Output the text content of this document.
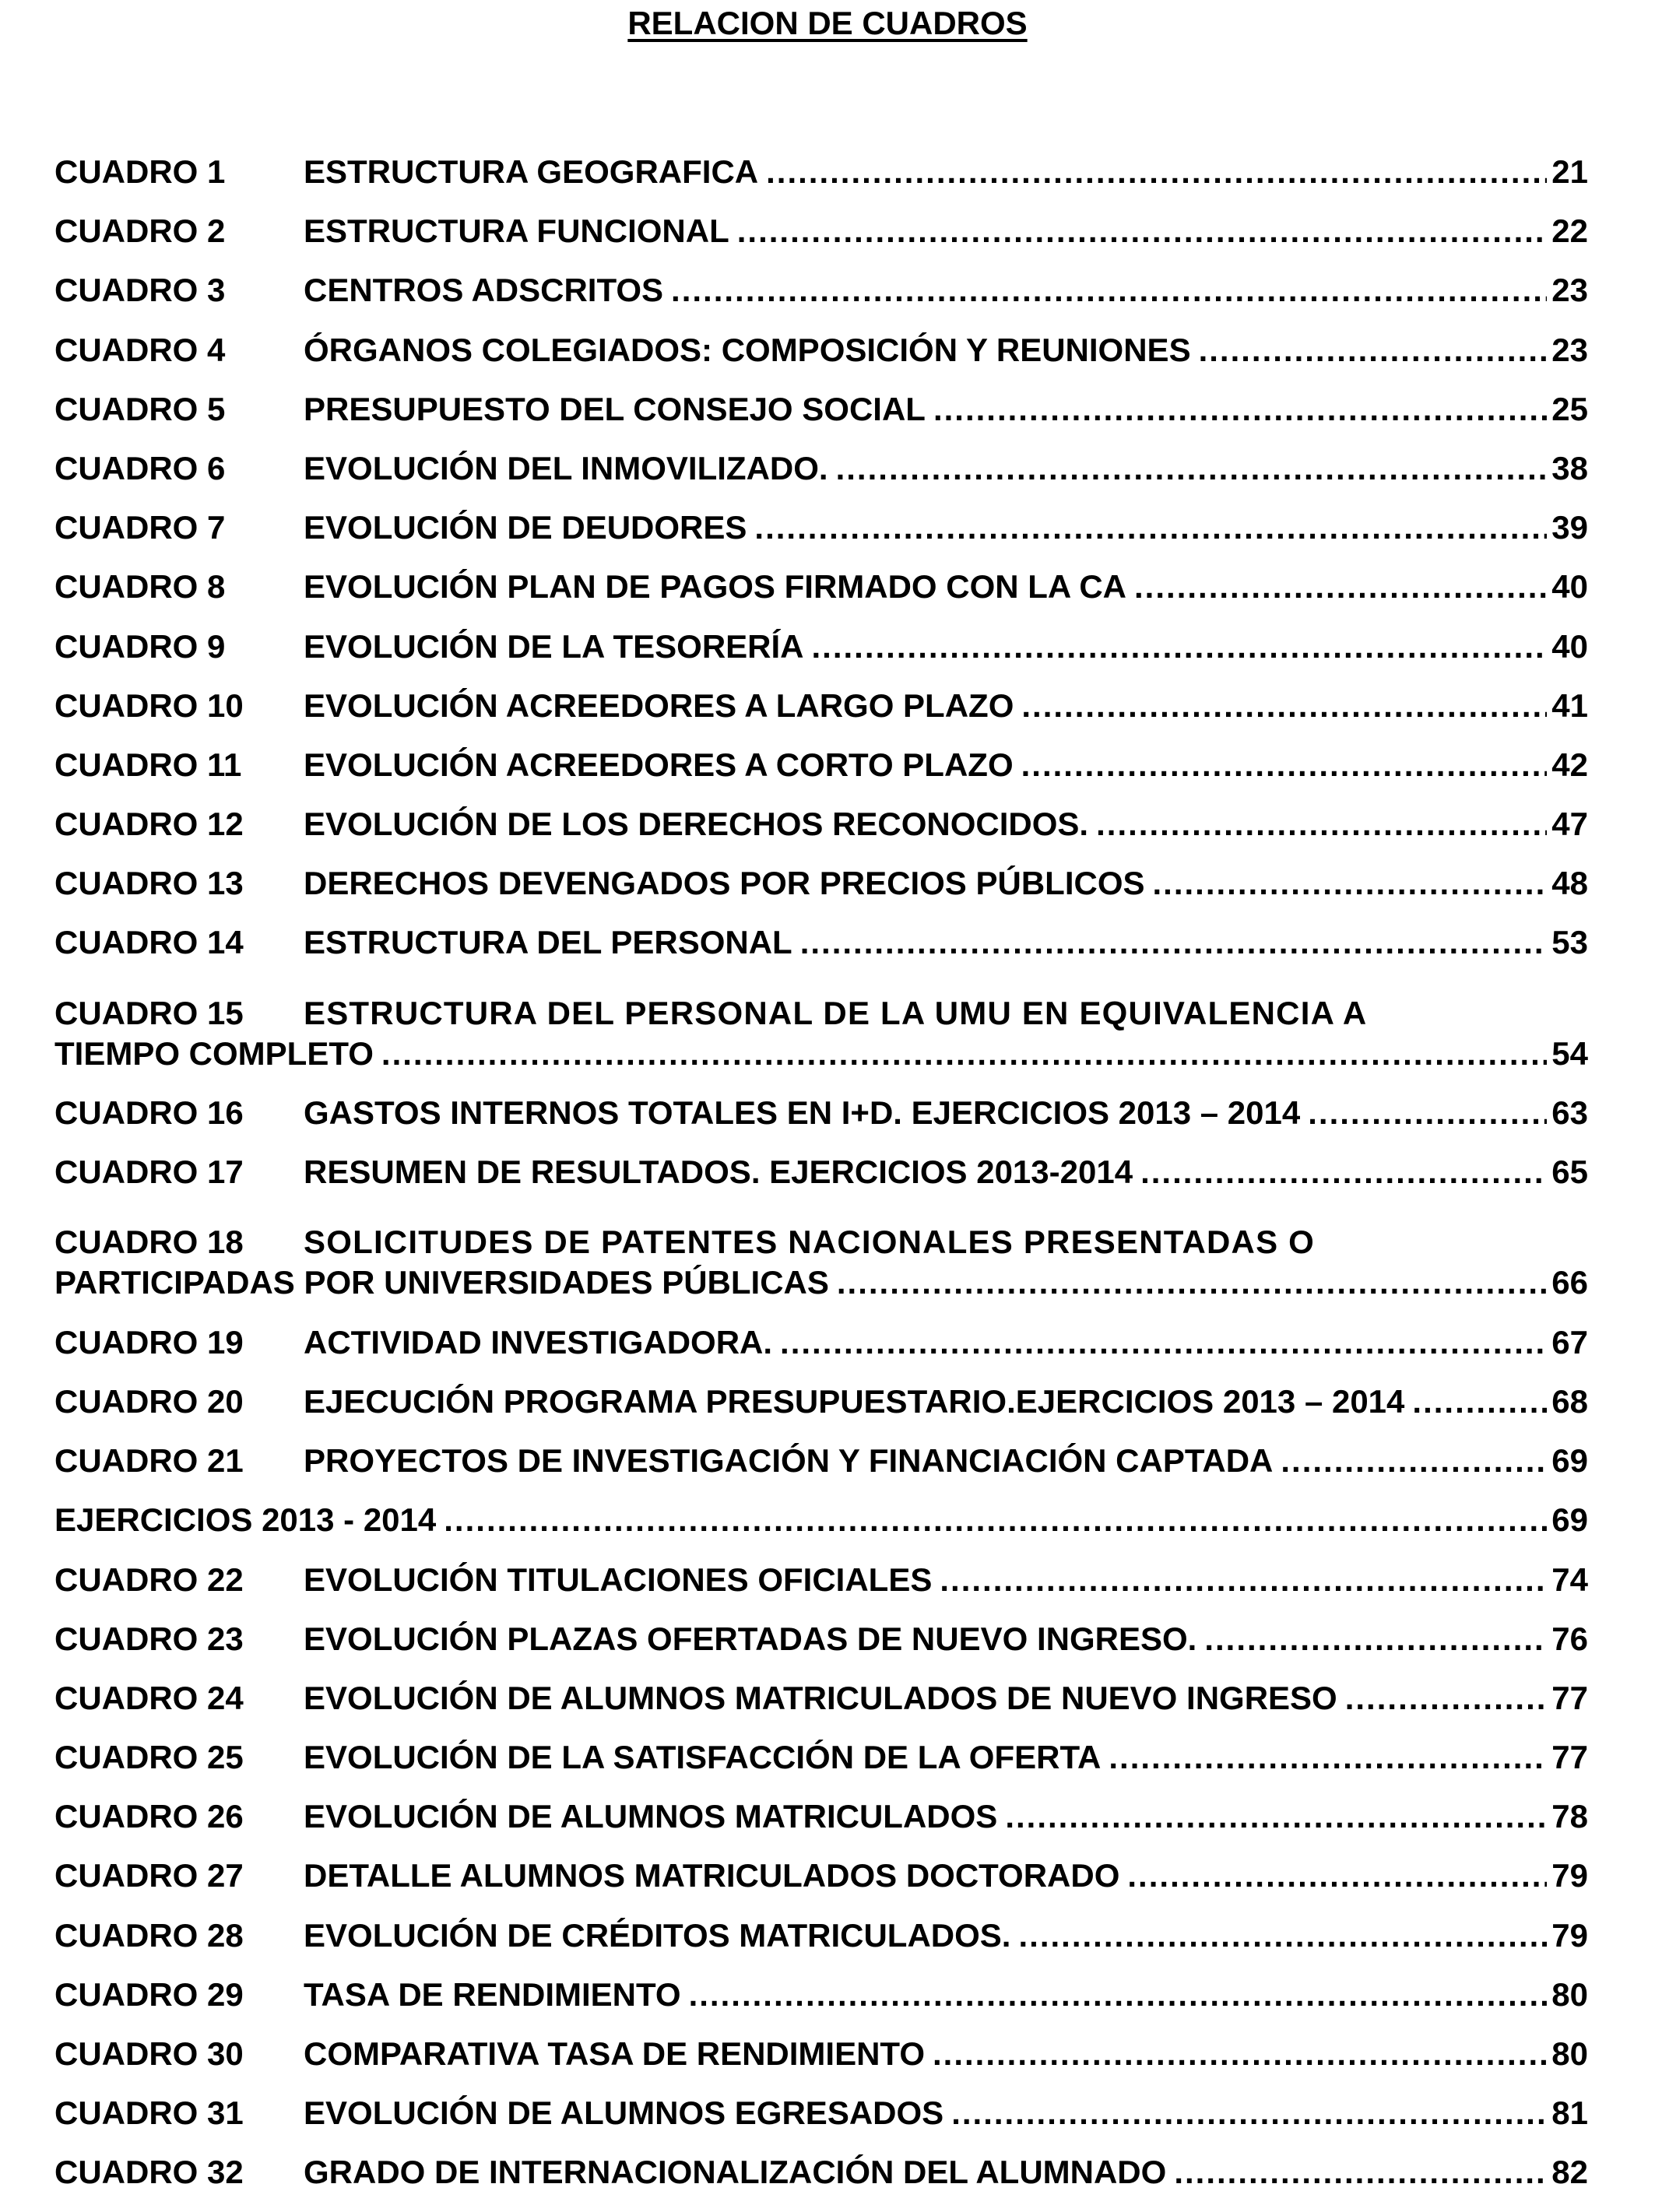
RELACION DE CUADROS
CUADRO 1	ESTRUCTURA GEOGRAFICA .....	21
CUADRO 2	ESTRUCTURA FUNCIONAL .....	22
CUADRO 3	CENTROS ADSCRITOS .....	23
CUADRO 4	ÓRGANOS COLEGIADOS: COMPOSICIÓN Y REUNIONES .....	23
CUADRO 5	PRESUPUESTO DEL CONSEJO SOCIAL .....	25
CUADRO 6	EVOLUCIÓN DEL INMOVILIZADO. .....	38
CUADRO 7	EVOLUCIÓN DE DEUDORES .....	39
CUADRO 8	EVOLUCIÓN PLAN DE PAGOS FIRMADO CON LA CA .....	40
CUADRO 9	EVOLUCIÓN DE LA TESORERÍA .....	40
CUADRO 10	EVOLUCIÓN ACREEDORES A LARGO PLAZO .....	41
CUADRO 11	EVOLUCIÓN ACREEDORES A CORTO PLAZO .....	42
CUADRO 12	EVOLUCIÓN DE LOS DERECHOS RECONOCIDOS. .....	47
CUADRO 13	DERECHOS DEVENGADOS POR PRECIOS PÚBLICOS .....	48
CUADRO 14	ESTRUCTURA DEL PERSONAL .....	53
CUADRO 15	ESTRUCTURA DEL PERSONAL DE LA UMU EN EQUIVALENCIA A
TIEMPO COMPLETO .....	54
CUADRO 16	GASTOS INTERNOS TOTALES EN I+D. EJERCICIOS 2013 – 2014 .....	63
CUADRO 17	RESUMEN DE RESULTADOS. EJERCICIOS 2013-2014 .....	65
CUADRO 18	SOLICITUDES DE PATENTES NACIONALES PRESENTADAS O
PARTICIPADAS POR UNIVERSIDADES PÚBLICAS .....	66
CUADRO 19	ACTIVIDAD INVESTIGADORA. .....	67
CUADRO 20	EJECUCIÓN PROGRAMA PRESUPUESTARIO.EJERCICIOS 2013 – 2014 .....	68
CUADRO 21	PROYECTOS DE INVESTIGACIÓN Y FINANCIACIÓN CAPTADA .....	69
EJERCICIOS 2013 - 2014 .....	69
CUADRO 22	EVOLUCIÓN TITULACIONES OFICIALES .....	74
CUADRO 23	EVOLUCIÓN PLAZAS OFERTADAS DE NUEVO INGRESO. .....	76
CUADRO 24	EVOLUCIÓN DE ALUMNOS MATRICULADOS DE NUEVO INGRESO .....	77
CUADRO 25	EVOLUCIÓN DE LA SATISFACCIÓN DE LA OFERTA .....	77
CUADRO 26	EVOLUCIÓN DE ALUMNOS MATRICULADOS .....	78
CUADRO 27	DETALLE ALUMNOS MATRICULADOS DOCTORADO .....	79
CUADRO 28	EVOLUCIÓN DE CRÉDITOS MATRICULADOS. .....	79
CUADRO 29	TASA DE RENDIMIENTO .....	80
CUADRO 30	COMPARATIVA TASA DE RENDIMIENTO .....	80
CUADRO 31	EVOLUCIÓN DE ALUMNOS EGRESADOS .....	81
CUADRO 32	GRADO DE INTERNACIONALIZACIÓN DEL ALUMNADO .....	82
